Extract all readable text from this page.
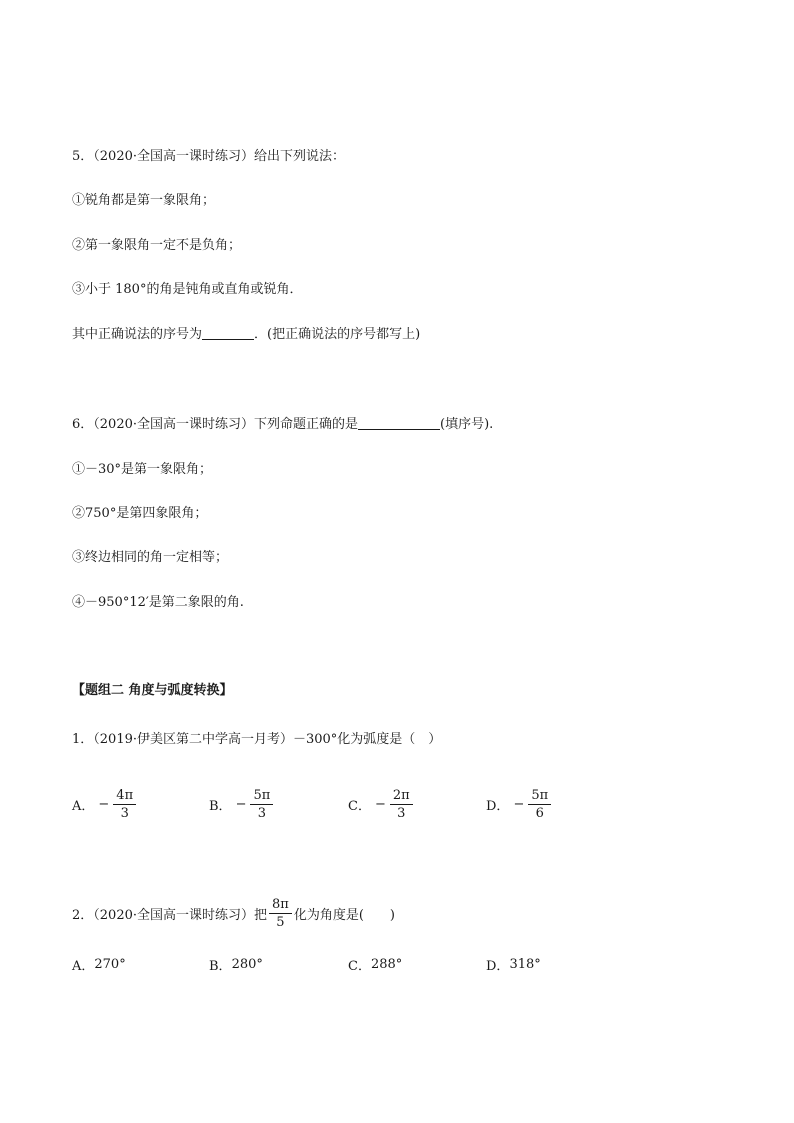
5．（2020·全国高一课时练习）给出下列说法：
①锐角都是第一象限角；
②第一象限角一定不是负角；
③小于 180°的角是钝角或直角或锐角．
其中正确说法的序号为	．(把正确说法的序号都写上)
6．（2020·全国高一课时练习）下列命题正确的是	(填序号).
①－30°是第一象限角；
②750°是第四象限角；
③终边相同的角一定相等；
④－950°12′是第二象限的角.
【题组二 角度与弧度转换】
1．（2019·伊美区第二中学高一月考）－300°化为弧度是（　）
A． − $\frac{4\pi}{3}$	B． − $\frac{5\pi}{3}$	C． − $\frac{2\pi}{3}$	D． − $\frac{5\pi}{6}$
2．（2020·全国高一课时练习）把 $\frac{8\pi}{5}$ 化为角度是(　　)
A． 270°	B． 280°	C． 288°	D． 318°
